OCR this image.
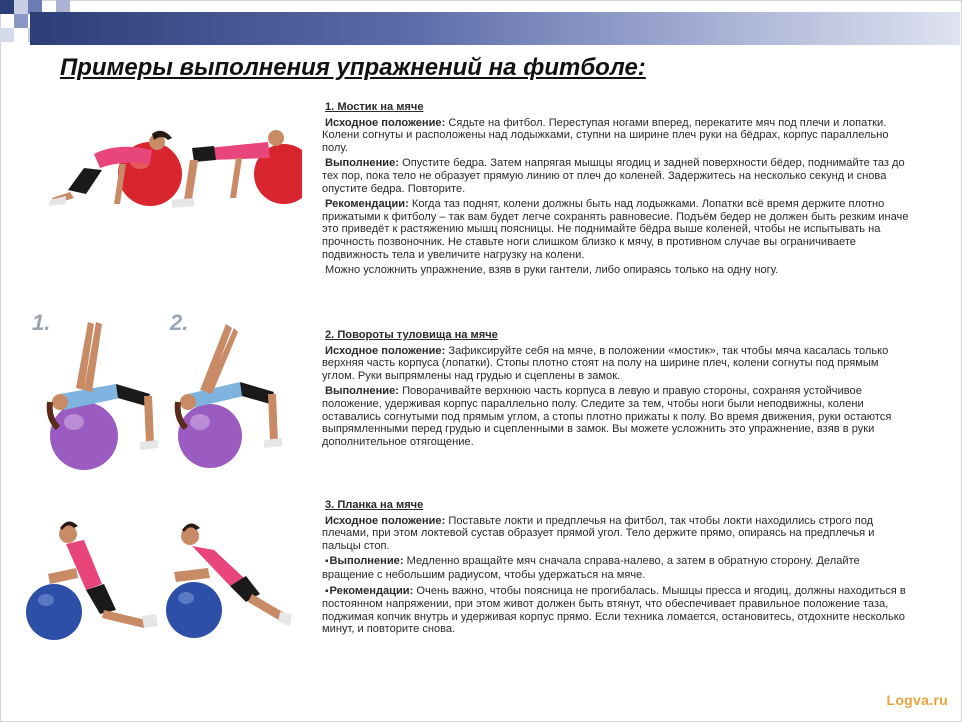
Примеры выполнения упражнений на фитболе:
1.	2.

1. Мостик на мяче

Исходное положение: Сядьте на фитбол. Переступая ногами вперед, перекатите мяч под плечи и лопатки. Колени согнуты и расположены над лодыжками, ступни на ширине плеч руки на бёдрах, корпус параллельно полу.

Выполнение: Опустите бедра. Затем напрягая мышцы ягодиц и задней поверхности бёдер, поднимайте таз до тех пор, пока тело не образует прямую линию от плеч до коленей. Задержитесь на несколько секунд и снова опустите бедра. Повторите.

Рекомендации: Когда таз поднят, колени должны быть над лодыжками. Лопатки всё время держите плотно прижатыми к фитболу – так вам будет легче сохранять равновесие. Подъём бедер не должен быть резким иначе это приведёт к растяжению мышц поясницы. Не поднимайте бёдра выше коленей, чтобы не испытывать на прочность позвоночник. Не ставьте ноги слишком близко к мячу, в противном случае вы ограничиваете подвижность тела и увеличите нагрузку на колени.

Можно усложнить упражнение, взяв в руки гантели, либо опираясь только на одну ногу.

2. Повороты туловища на мяче

Исходное положение: Зафиксируйте себя на мяче, в положении «мостик», так чтобы мяча касалась только верхняя часть корпуса (лопатки). Стопы плотно стоят на полу на ширине плеч, колени согнуты под прямым углом. Руки выпрямлены над грудью и сцеплены в замок.

Выполнение: Поворачивайте верхнюю часть корпуса в левую и правую стороны, сохраняя устойчивое положение, удерживая корпус параллельно полу. Следите за тем, чтобы ноги были неподвижны, колени оставались согнутыми под прямым углом, а стопы плотно прижаты к полу. Во время движения, руки остаются выпрямленными перед грудью и сцепленными в замок. Вы можете усложнить это упражнение, взяв в руки дополнительное отягощение.

3. Планка на мяче

Исходное положение: Поставьте локти и предплечья на фитбол, так чтобы локти находились строго под плечами, при этом локтевой сустав образует прямой угол. Тело держите прямо, опираясь на предплечья и пальцы стоп.

▪ Выполнение: Медленно вращайте мяч сначала справа-налево, а затем в обратную сторону. Делайте вращение с небольшим радиусом, чтобы удержаться на мяче.

▪ Рекомендации: Очень важно, чтобы поясница не прогибалась. Мышцы пресса и ягодиц, должны находиться в постоянном напряжении, при этом живот должен быть втянут, что обеспечивает правильное положение таза, поджимая копчик внутрь и удерживая корпус прямо. Если техника ломается, остановитесь, отдохните несколько минут, и повторите снова.

Logva.ru
